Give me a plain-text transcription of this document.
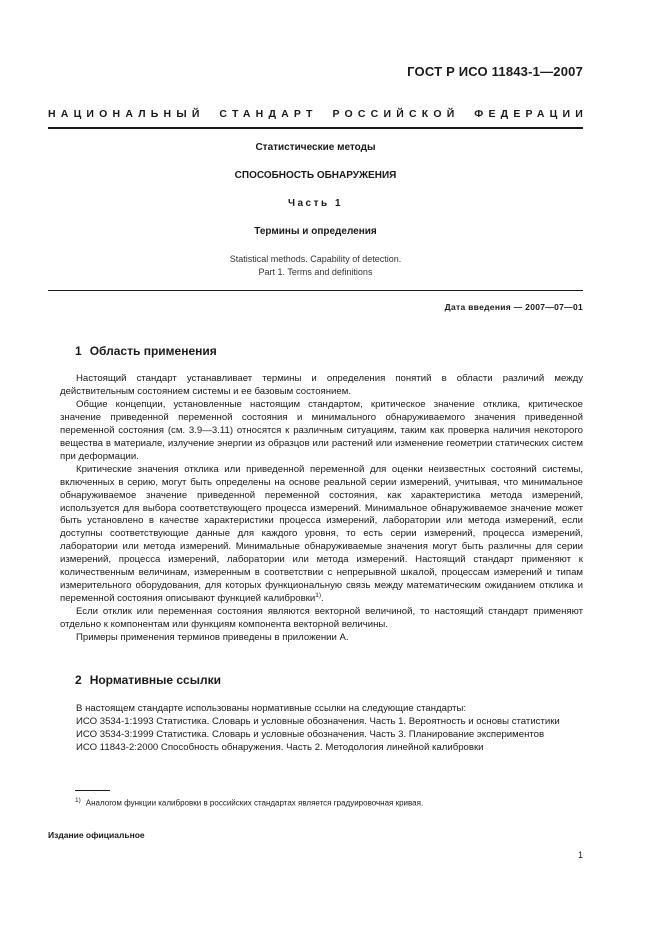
ГОСТ Р ИСО 11843-1—2007
НАЦИОНАЛЬНЫЙ СТАНДАРТ РОССИЙСКОЙ ФЕДЕРАЦИИ
Статистические методы
СПОСОБНОСТЬ ОБНАРУЖЕНИЯ
Часть 1
Термины и определения
Statistical methods. Capability of detection.
Part 1. Terms and definitions
Дата введения — 2007—07—01
1 Область применения

Настоящий стандарт устанавливает термины и определения понятий в области различий между действительным состоянием системы и ее базовым состоянием.

Общие концепции, установленные настоящим стандартом, критическое значение отклика, критическое значение приведенной переменной состояния и минимального обнаруживаемого значения приведенной переменной состояния (см. 3.9—3.11) относятся к различным ситуациям, таким как проверка наличия некоторого вещества в материале, излучение энергии из образцов или растений или изменение геометрии статических систем при деформации.

Критические значения отклика или приведенной переменной для оценки неизвестных состояний системы, включенных в серию, могут быть определены на основе реальной серии измерений, учитывая, что минимальное обнаруживаемое значение приведенной переменной состояния, как характеристика метода измерений, используется для выбора соответствующего процесса измерений. Минимальное обнаруживаемое значение может быть установлено в качестве характеристики процесса измерений, лаборатории или метода измерений, если доступны соответствующие данные для каждого уровня, то есть серии измерений, процесса измерений, лаборатории или метода измерений. Минимальные обнаруживаемые значения могут быть различны для серии измерений, процесса измерений, лаборатории или метода измерений. Настоящий стандарт применяют к количественным величинам, измеренным в соответствии с непрерывной шкалой, процессам измерений и типам измерительного оборудования, для которых функциональную связь между математическим ожиданием отклика и переменной состояния описывают функцией калибровки$^{1)}$.

Если отклик или переменная состояния являются векторной величиной, то настоящий стандарт применяют отдельно к компонентам или функциям компонента векторной величины.

Примеры применения терминов приведены в приложении А.

2 Нормативные ссылки

В настоящем стандарте использованы нормативные ссылки на следующие стандарты:

ИСО 3534-1:1993 Статистика. Словарь и условные обозначения. Часть 1. Вероятность и основы статистики

ИСО 3534-3:1999 Статистика. Словарь и условные обозначения. Часть 3. Планирование экспериментов

ИСО 11843-2:2000 Способность обнаружения. Часть 2. Методология линейной калибровки

$^{1)}$ Аналогом функции калибровки в российских стандартах является градуировочная кривая.
Издание официальное
1
